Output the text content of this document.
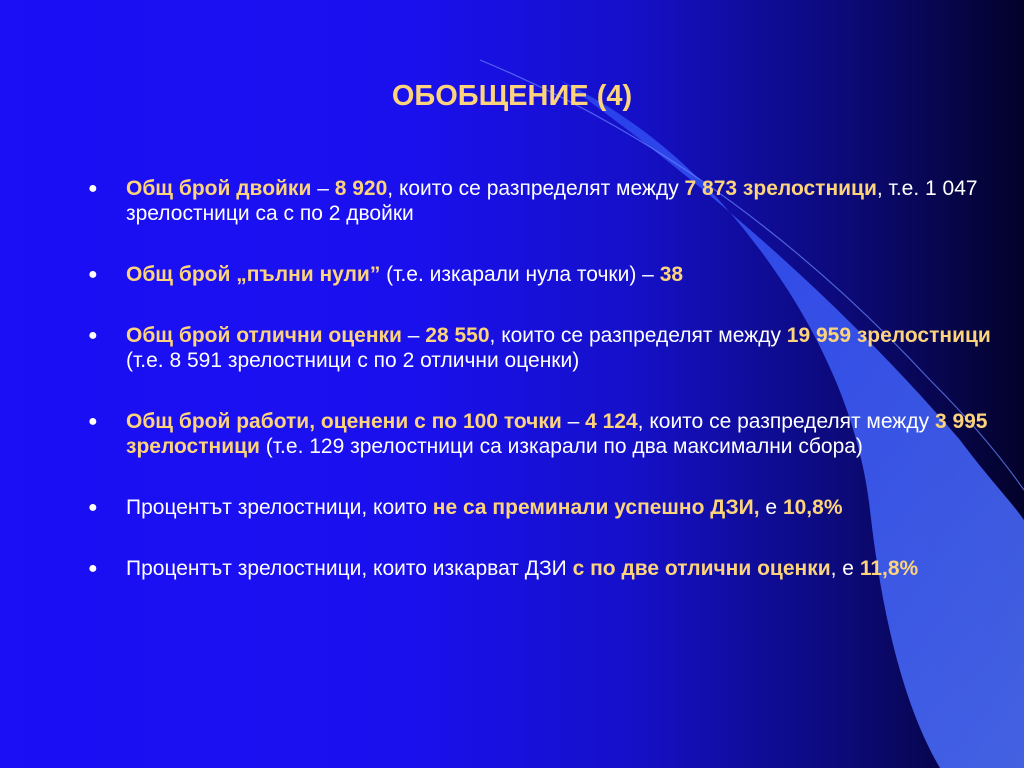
ОБОБЩЕНИЕ (4)
● Общ брой двойки – 8 920, които се разпределят между 7 873 зрелостници, т.е. 1 047 зрелостници са с по 2 двойки
● Общ брой „пълни нули” (т.е. изкарали нула точки) – 38
● Общ брой отлични оценки – 28 550, които се разпределят между 19 959 зрелостници (т.е. 8 591 зрелостници с по 2 отлични оценки)
● Общ брой работи, оценени с по 100 точки – 4 124, които се разпределят между 3 995 зрелостници (т.е. 129 зрелостници са изкарали по два максимални сбора)
● Процентът зрелостници, които не са преминали успешно ДЗИ, е 10,8%
● Процентът зрелостници, които изкарват ДЗИ с по две отлични оценки, е 11,8%
